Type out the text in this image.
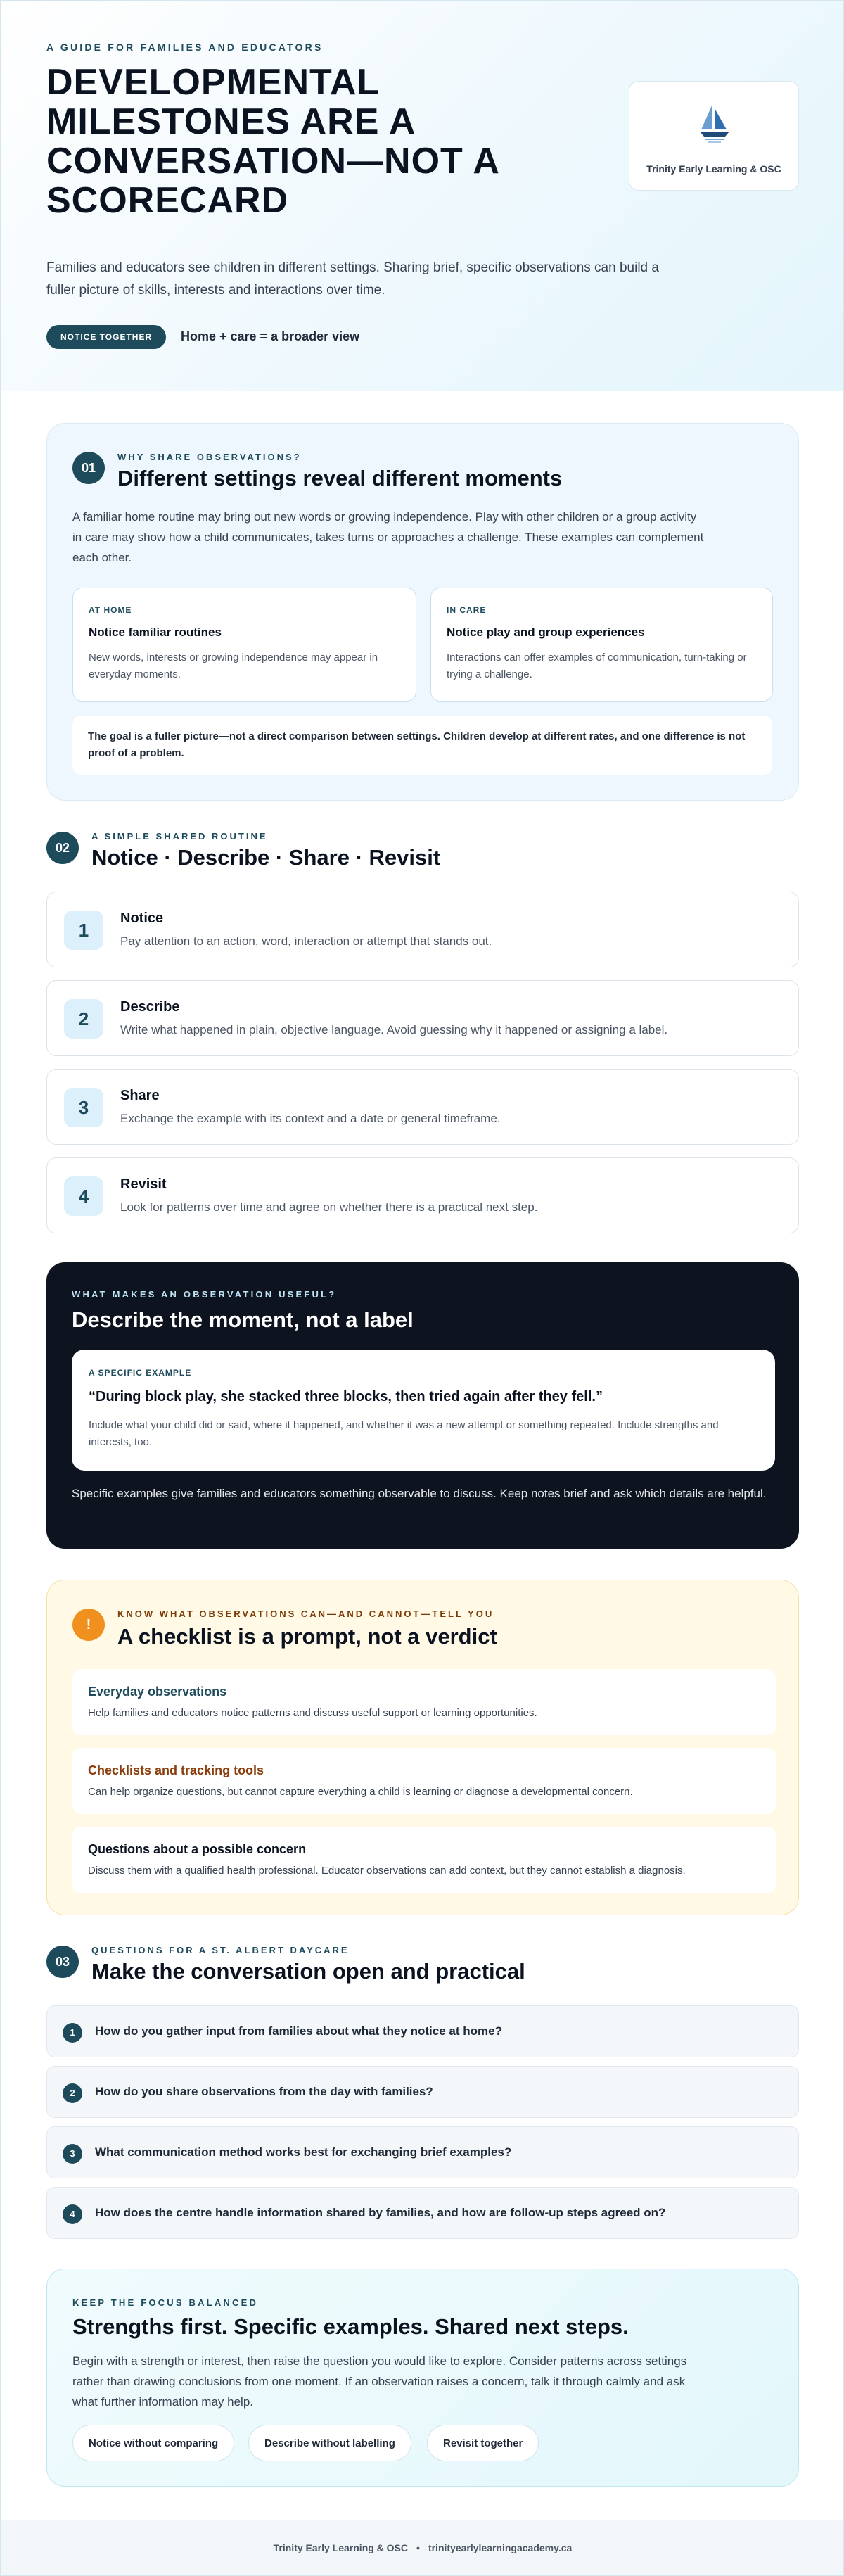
A GUIDE FOR FAMILIES AND EDUCATORS
DEVELOPMENTAL MILESTONES ARE A CONVERSATION—NOT A SCORECARD
Trinity Early Learning & OSC

Families and educators see children in different settings. Sharing brief, specific observations can build a fuller picture of skills, interests and interactions over time.

NOTICE TOGETHER	Home + care = a broader view
01
WHY SHARE OBSERVATIONS?
Different settings reveal different moments

A familiar home routine may bring out new words or growing independence. Play with other children or a group activity in care may show how a child communicates, takes turns or approaches a challenge. These examples can complement each other.

AT HOME
Notice familiar routines
New words, interests or growing independence may appear in everyday moments.
IN CARE
Notice play and group experiences
Interactions can offer examples of communication, turn-taking or trying a challenge.
The goal is a fuller picture—not a direct comparison between settings. Children develop at different rates, and one difference is not proof of a problem.
02
A SIMPLE SHARED ROUTINE
Notice · Describe · Share · Revisit
1
Notice
Pay attention to an action, word, interaction or attempt that stands out.
2
Describe
Write what happened in plain, objective language. Avoid guessing why it happened or assigning a label.
3
Share
Exchange the example with its context and a date or general timeframe.
4
Revisit
Look for patterns over time and agree on whether there is a practical next step.
WHAT MAKES AN OBSERVATION USEFUL?
Describe the moment, not a label
A SPECIFIC EXAMPLE
“During block play, she stacked three blocks, then tried again after they fell.”
Include what your child did or said, where it happened, and whether it was a new attempt or something repeated. Include strengths and interests, too.

Specific examples give families and educators something observable to discuss. Keep notes brief and ask which details are helpful.

!
KNOW WHAT OBSERVATIONS CAN—AND CANNOT—TELL YOU
A checklist is a prompt, not a verdict
Everyday observations
Help families and educators notice patterns and discuss useful support or learning opportunities.
Checklists and tracking tools
Can help organize questions, but cannot capture everything a child is learning or diagnose a developmental concern.
Questions about a possible concern
Discuss them with a qualified health professional. Educator observations can add context, but they cannot establish a diagnosis.
03
QUESTIONS FOR A ST. ALBERT DAYCARE
Make the conversation open and practical
1	How do you gather input from families about what they notice at home?
2	How do you share observations from the day with families?
3	What communication method works best for exchanging brief examples?
4	How does the centre handle information shared by families, and how are follow-up steps agreed on?
KEEP THE FOCUS BALANCED
Strengths first. Specific examples. Shared next steps.

Begin with a strength or interest, then raise the question you would like to explore. Consider patterns across settings rather than drawing conclusions from one moment. If an observation raises a concern, talk it through calmly and ask what further information may help.

Notice without comparing	Describe without labelling	Revisit together
Trinity Early Learning & OSC • trinityearlylearningacademy.ca
